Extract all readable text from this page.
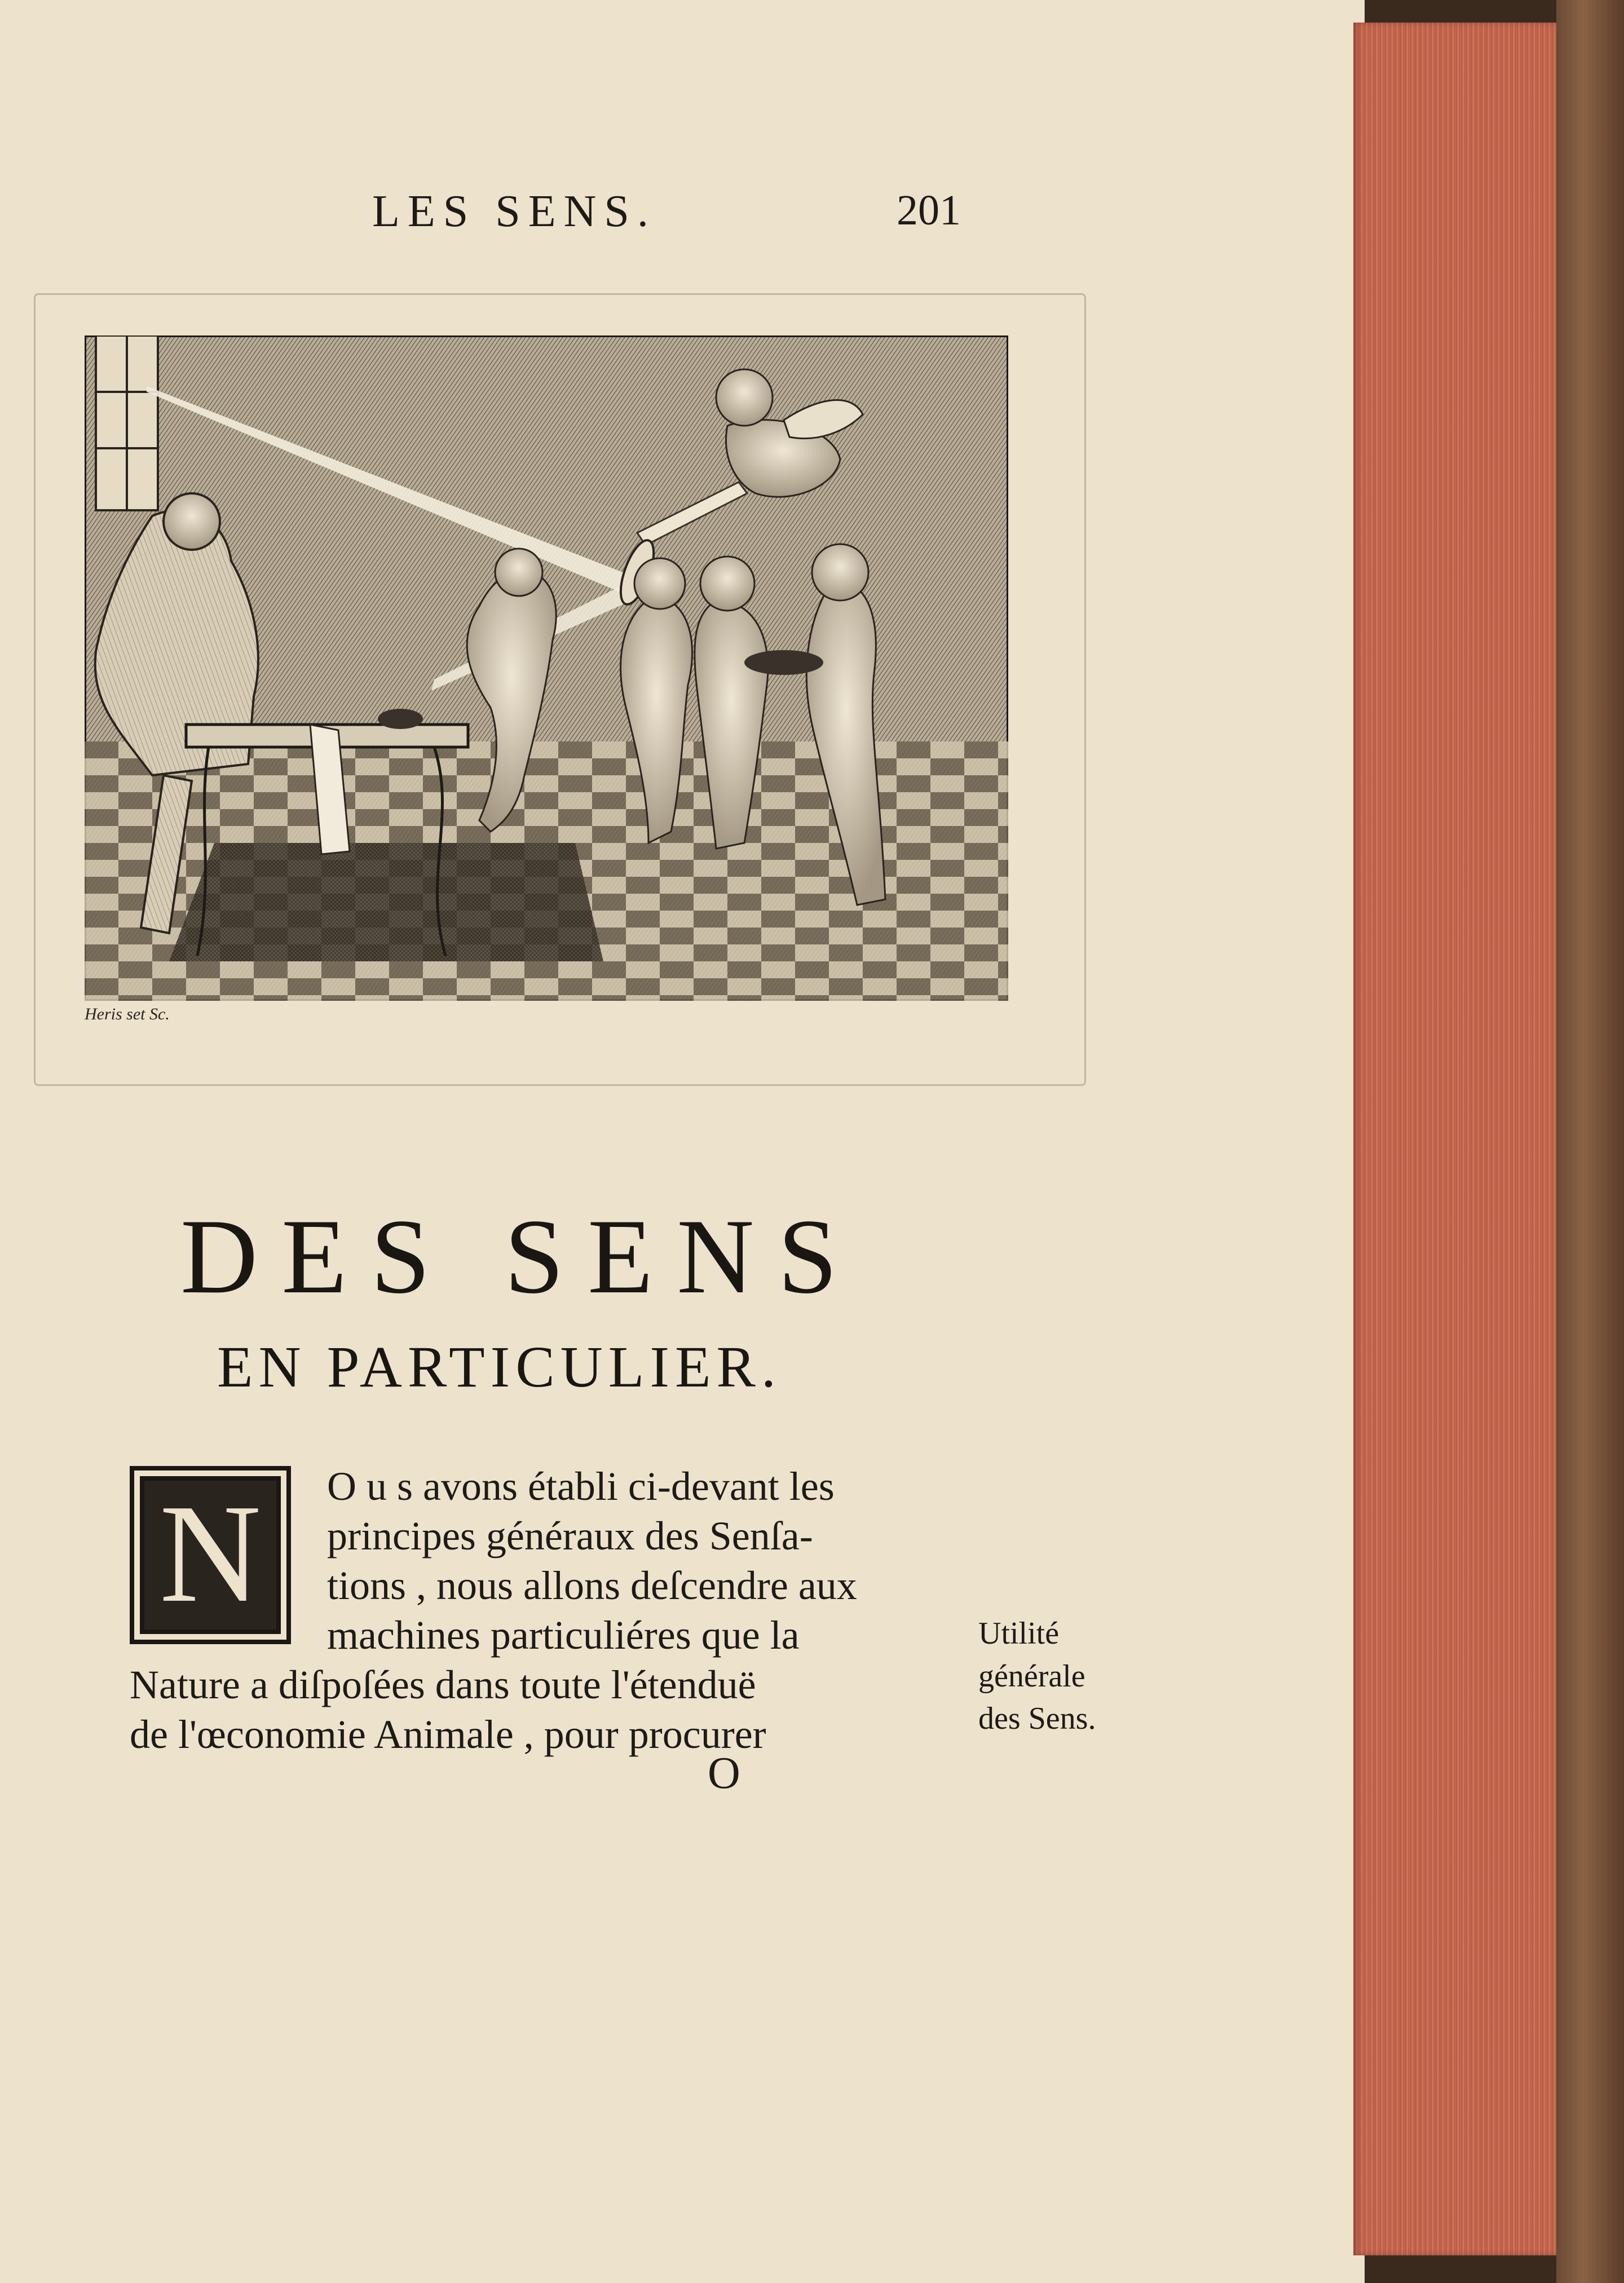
LES SENS.	201
Heris set Sc.
DES SENS
EN PARTICULIER.
N	O u s avons établi ci-devant les
principes généraux des Senſa-
tions , nous allons deſcendre aux
machines particuliéres que la
Nature a diſpoſées dans toute l'étenduë
de l'œconomie Animale , pour procurer
Utilité
générale
des Sens.
O
